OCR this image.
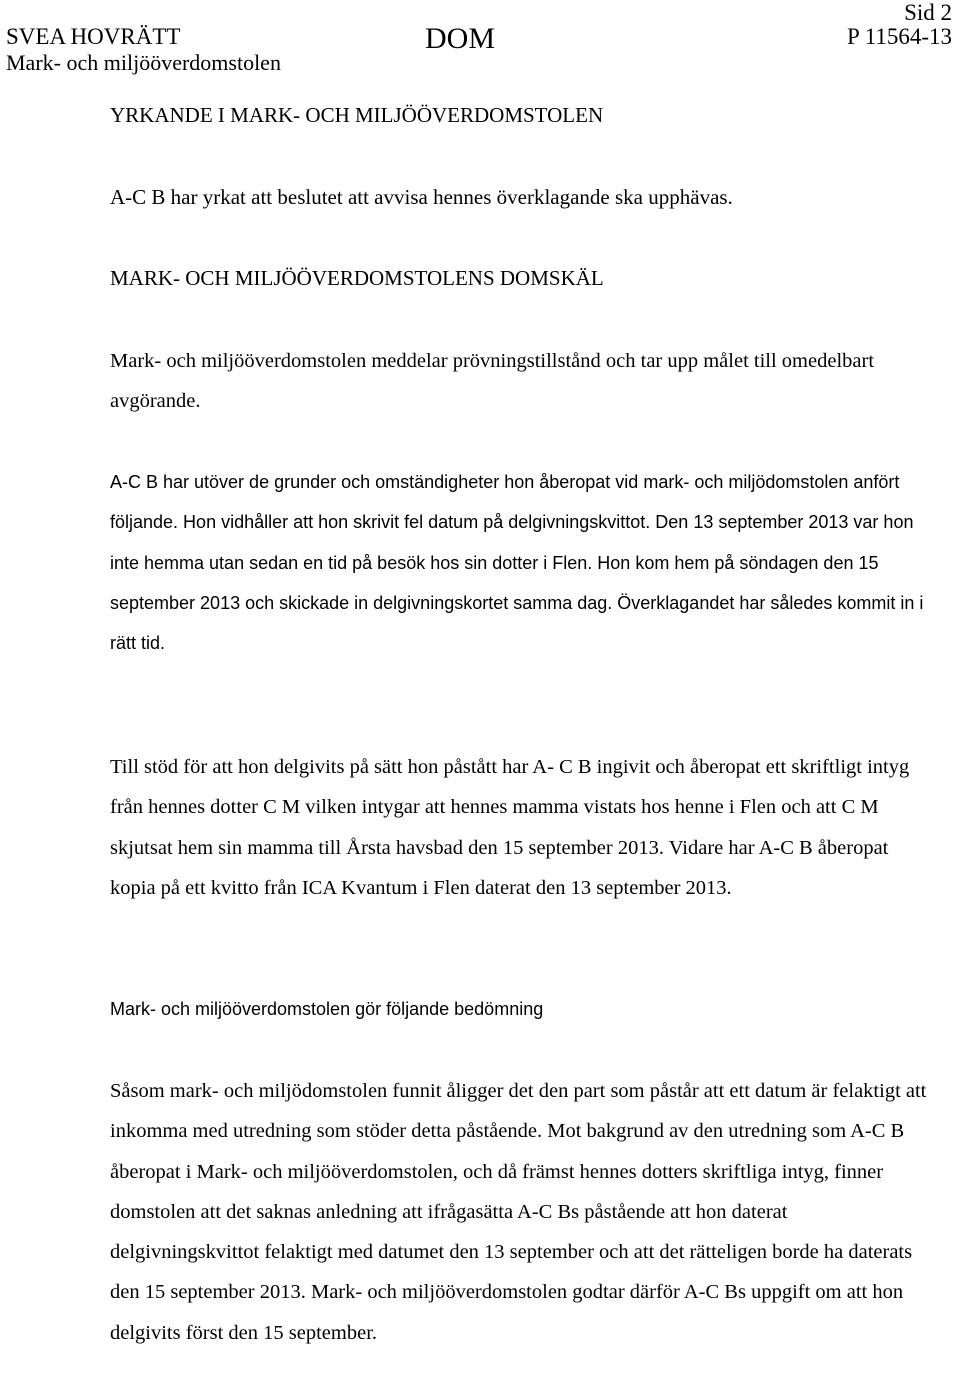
SVEA HOVRÄTT
Mark- och miljööverdomstolen
DOM
Sid 2
P 11564-13
YRKANDE I MARK- OCH MILJÖÖVERDOMSTOLEN
A-C B har yrkat att beslutet att avvisa hennes överklagande ska upphävas.
MARK- OCH MILJÖÖVERDOMSTOLENS DOMSKÄL

Mark- och miljööverdomstolen meddelar prövningstillstånd och tar upp målet till omedelbart avgörande.

A-C B har utöver de grunder och omständigheter hon åberopat vid mark- och miljödomstolen anfört följande. Hon vidhåller att hon skrivit fel datum på delgivningskvittot. Den 13 september 2013 var hon inte hemma utan sedan en tid på besök hos sin dotter i Flen. Hon kom hem på söndagen den 15 september 2013 och skickade in delgivningskortet samma dag. Överklagandet har således kommit in i rätt tid.

Till stöd för att hon delgivits på sätt hon påstått har A- C B ingivit och åberopat ett skriftligt intyg från hennes dotter C M vilken intygar att hennes mamma vistats hos henne i Flen och att C M skjutsat hem sin mamma till Årsta havsbad den 15 september 2013. Vidare har A-C B åberopat kopia på ett kvitto från ICA Kvantum i Flen daterat den 13 september 2013.

Mark- och miljööverdomstolen gör följande bedömning

Såsom mark- och miljödomstolen funnit åligger det den part som påstår att ett datum är felaktigt att inkomma med utredning som stöder detta påstående. Mot bakgrund av den utredning som A-C B åberopat i Mark- och miljööverdomstolen, och då främst hennes dotters skriftliga intyg, finner domstolen att det saknas anledning att ifrågasätta A-C Bs påstående att hon daterat delgivningskvittot felaktigt med datumet den 13 september och att det rätteligen borde ha daterats den 15 september 2013. Mark- och miljööverdomstolen godtar därför A-C Bs uppgift om att hon delgivits först den 15 september.
